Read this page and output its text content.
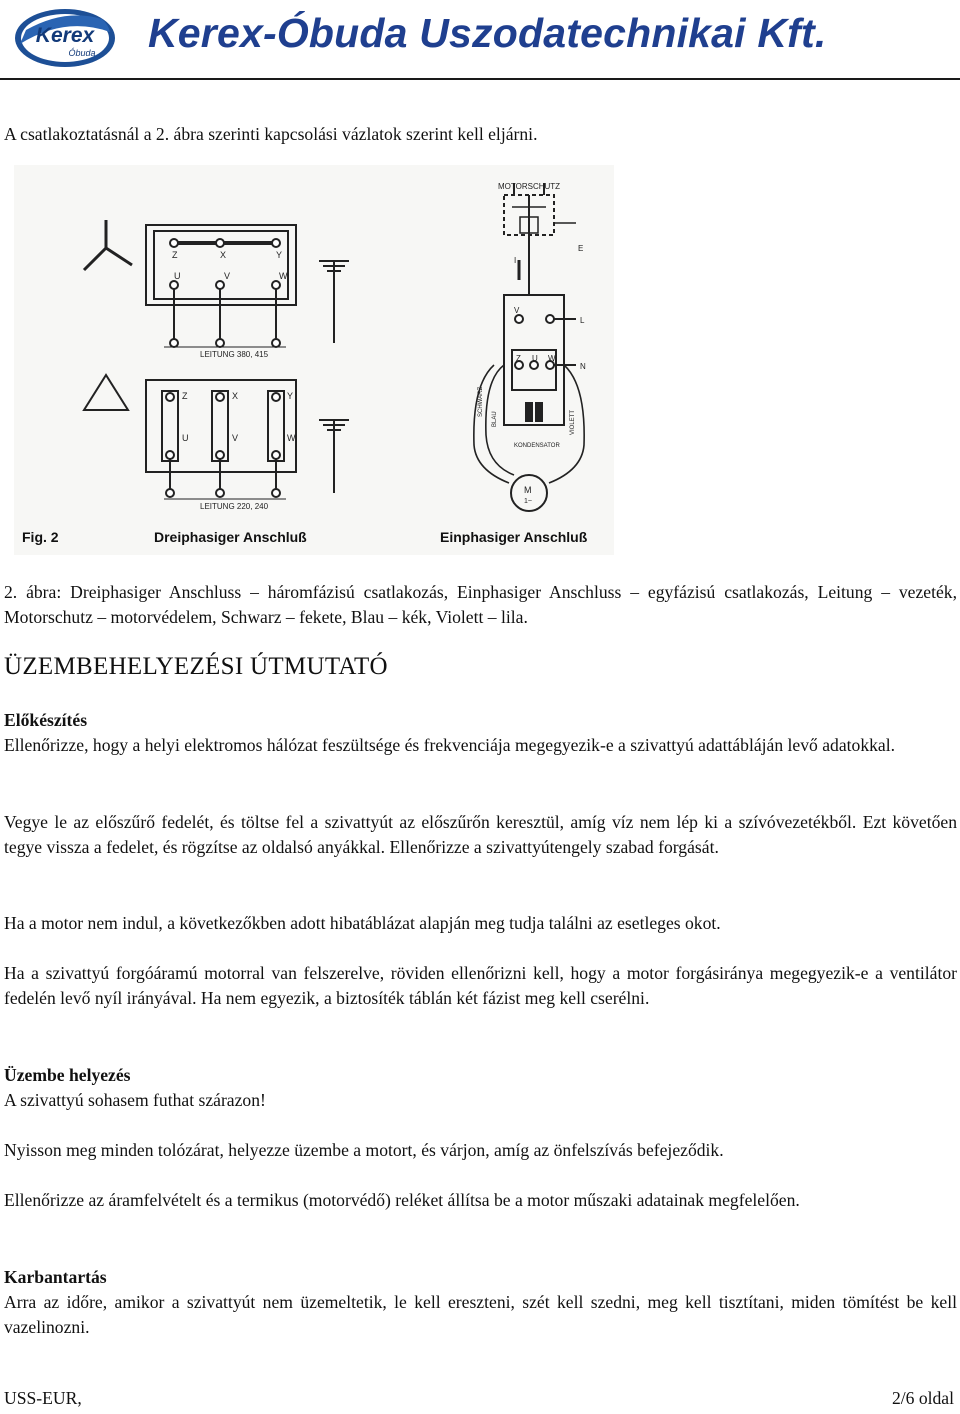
Kerex
Óbuda Kerex-Óbuda Uszodatechnikai Kft.
A csatlakoztatásnál a 2. ábra szerinti kapcsolási vázlatok szerint kell eljárni.
Z	X	Y
U	V	W
LEITUNG 380, 415
Z	X	Y
U	V	W
LEITUNG 220, 240
MOTORSCHUTZ
E
I
L
N
V
Z U W
KONDENSATOR
SCHWARZ
BLAU	VIOLETT
M
1~
Fig. 2	Dreiphasiger Anschluß	Einphasiger Anschluß
2. ábra: Dreiphasiger Anschluss – háromfázisú csatlakozás, Einphasiger Anschluss – egyfázisú csatlakozás, Leitung – vezeték, Motorschutz – motorvédelem, Schwarz – fekete, Blau – kék, Violett – lila.
ÜZEMBEHELYEZÉSI ÚTMUTATÓ
Előkészítés
Ellenőrizze, hogy a helyi elektromos hálózat feszültsége és frekvenciája megegyezik-e a szivattyú adattábláján levő adatokkal.
Vegye le az előszűrő fedelét, és töltse fel a szivattyút az előszűrőn keresztül, amíg víz nem lép ki a szívóvezetékből. Ezt követően tegye vissza a fedelet, és rögzítse az oldalsó anyákkal. Ellenőrizze a szivattyútengely szabad forgását.
Ha a motor nem indul, a következőkben adott hibatáblázat alapján meg tudja találni az esetleges okot.
Ha a szivattyú forgóáramú motorral van felszerelve, röviden ellenőrizni kell, hogy a motor forgásiránya megegyezik-e a ventilátor fedelén levő nyíl irányával. Ha nem egyezik, a biztosíték táblán két fázist meg kell cserélni.
Üzembe helyezés
A szivattyú sohasem futhat szárazon!
Nyisson meg minden tolózárat, helyezze üzembe a motort, és várjon, amíg az önfelszívás befejeződik.
Ellenőrizze az áramfelvételt és a termikus (motorvédő) reléket állítsa be a motor műszaki adatainak megfelelően.
Karbantartás
Arra az időre, amikor a szivattyút nem üzemeltetik, le kell ereszteni, szét kell szedni, meg kell tisztítani, miden tömítést be kell vazelinozni.
USS-EUR,	2/6 oldal
